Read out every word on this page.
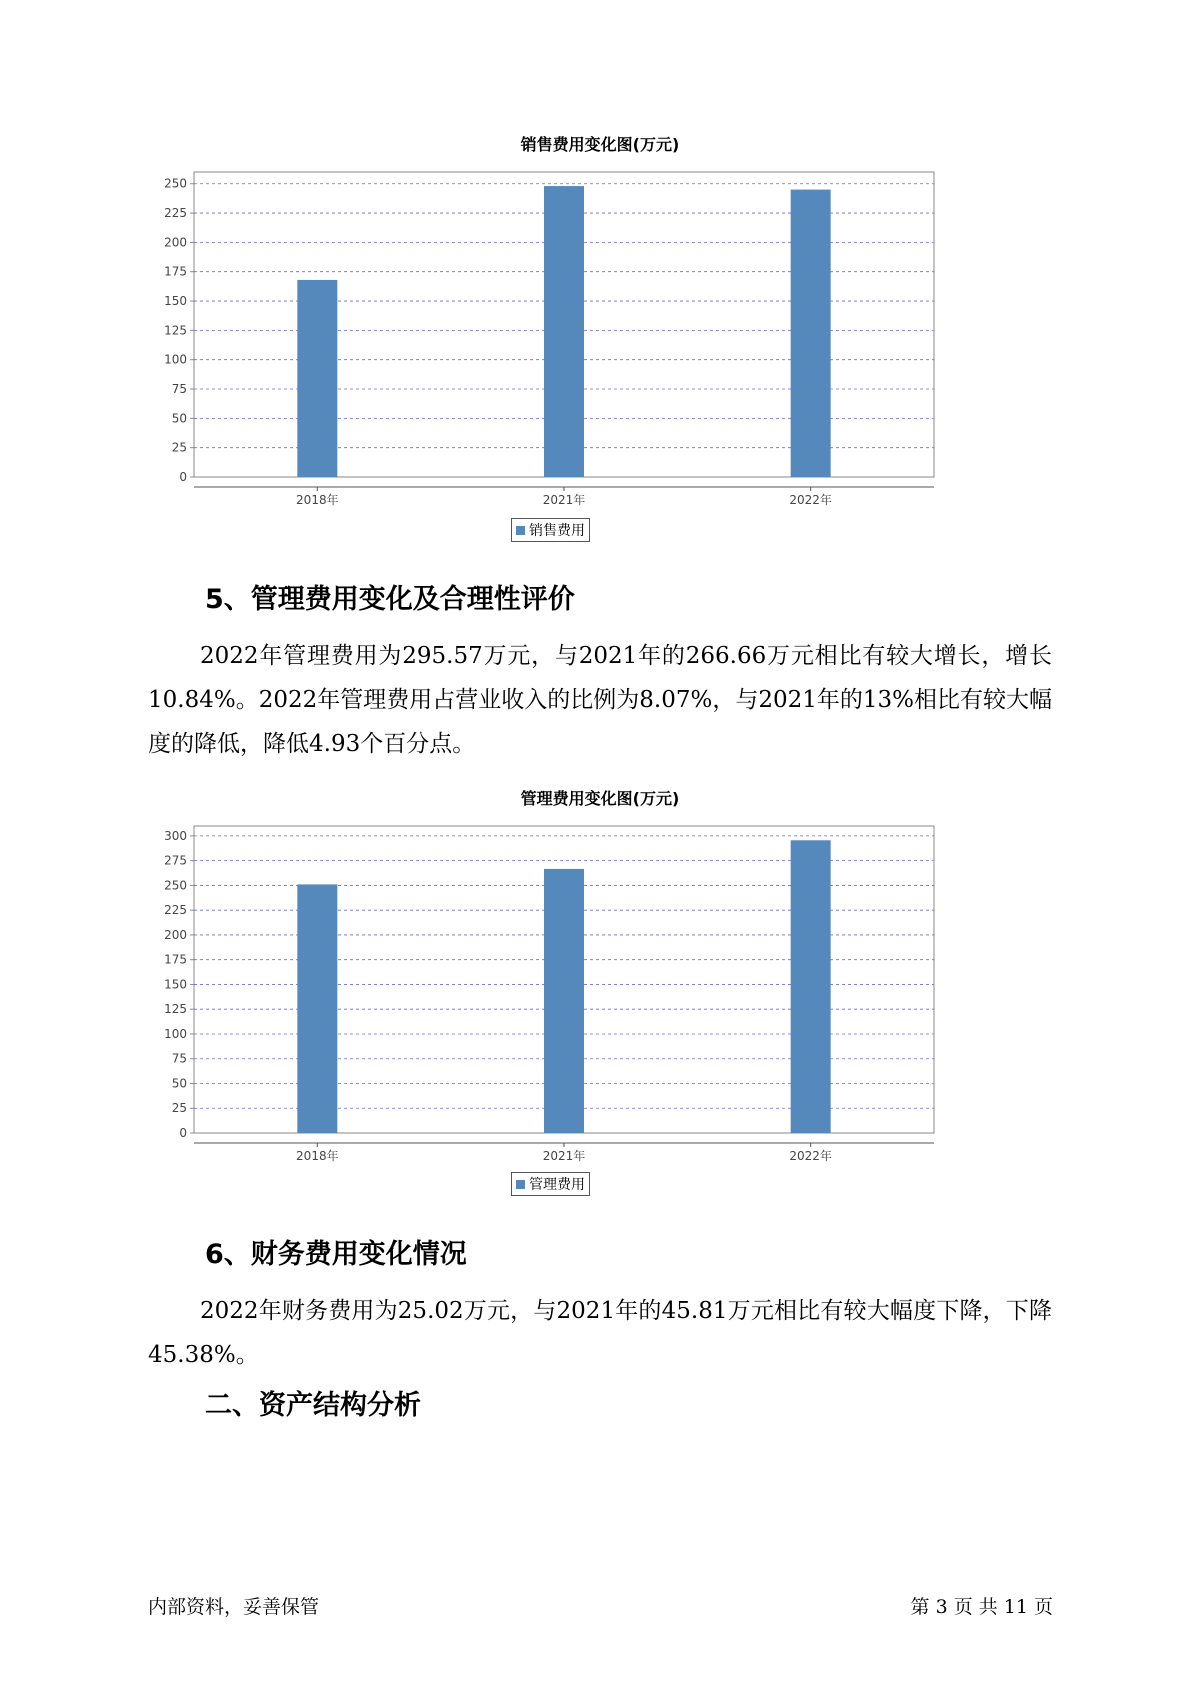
销售费用变化图(万元)
0
25
50
75
100
125
150
175
200
225
250
2018年	2021年	2022年
销售费用
5、管理费用变化及合理性评价

2022年管理费用为295.57万元，与2021年的266.66万元相比有较大增长，增长10.84%。2022年管理费用占营业收入的比例为8.07%，与2021年的13%相比有较大幅度的降低，降低4.93个百分点。

管理费用变化图(万元)
0
25
50
75
100
125
150
175
200
225
250
275
300
2018年	2021年	2022年
管理费用
6、财务费用变化情况

2022年财务费用为25.02万元，与2021年的45.81万元相比有较大幅度下降，下降45.38%。

二、资产结构分析
内部资料，妥善保管	第 3 页 共 11 页
